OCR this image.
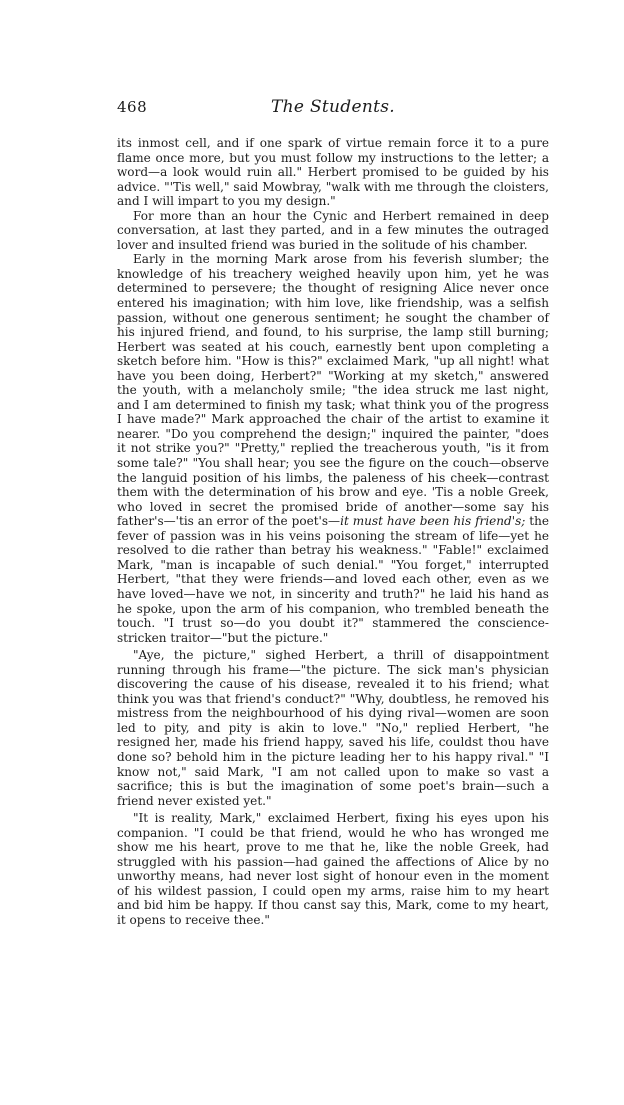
468	The Students.

its inmost cell, and if one spark of virtue remain force it to a pure flame once more, but you must follow my instructions to the letter; a word—a look would ruin all." Herbert promised to be guided by his advice. "'Tis well," said Mowbray, "walk with me through the cloisters, and I will impart to you my design."

For more than an hour the Cynic and Herbert remained in deep conversation, at last they parted, and in a few minutes the outraged lover and insulted friend was buried in the solitude of his chamber.

Early in the morning Mark arose from his feverish slumber; the knowledge of his treachery weighed heavily upon him, yet he was determined to persevere; the thought of resigning Alice never once entered his imagination; with him love, like friendship, was a selfish passion, without one generous sentiment; he sought the chamber of his injured friend, and found, to his surprise, the lamp still burning; Herbert was seated at his couch, earnestly bent upon completing a sketch before him. "How is this?" exclaimed Mark, "up all night! what have you been doing, Herbert?" "Working at my sketch," answered the youth, with a melancholy smile; "the idea struck me last night, and I am determined to finish my task; what think you of the progress I have made?" Mark approached the chair of the artist to examine it nearer. "Do you comprehend the design;" inquired the painter, "does it not strike you?" "Pretty," replied the treacherous youth, "is it from some tale?" "You shall hear; you see the figure on the couch—observe the languid position of his limbs, the paleness of his cheek—contrast them with the determination of his brow and eye. 'Tis a noble Greek, who loved in secret the promised bride of another—some say his father's—'tis an error of the poet's—it must have been his friend's; the fever of passion was in his veins poisoning the stream of life—yet he resolved to die rather than betray his weakness." "Fable!" exclaimed Mark, "man is incapable of such denial." "You forget," interrupted Herbert, "that they were friends—and loved each other, even as we have loved—have we not, in sincerity and truth?" he laid his hand as he spoke, upon the arm of his companion, who trembled beneath the touch. "I trust so—do you doubt it?" stammered the conscience-stricken traitor—"but the picture."

"Aye, the picture," sighed Herbert, a thrill of disappointment running through his frame—"the picture. The sick man's physician discovering the cause of his disease, revealed it to his friend; what think you was that friend's conduct?" "Why, doubtless, he removed his mistress from the neighbourhood of his dying rival—women are soon led to pity, and pity is akin to love." "No," replied Herbert, "he resigned her, made his friend happy, saved his life, couldst thou have done so? behold him in the picture leading her to his happy rival." "I know not," said Mark, "I am not called upon to make so vast a sacrifice; this is but the imagination of some poet's brain—such a friend never existed yet."

"It is reality, Mark," exclaimed Herbert, fixing his eyes upon his companion. "I could be that friend, would he who has wronged me show me his heart, prove to me that he, like the noble Greek, had struggled with his passion—had gained the affections of Alice by no unworthy means, had never lost sight of honour even in the moment of his wildest passion, I could open my arms, raise him to my heart and bid him be happy. If thou canst say this, Mark, come to my heart, it opens to receive thee."
